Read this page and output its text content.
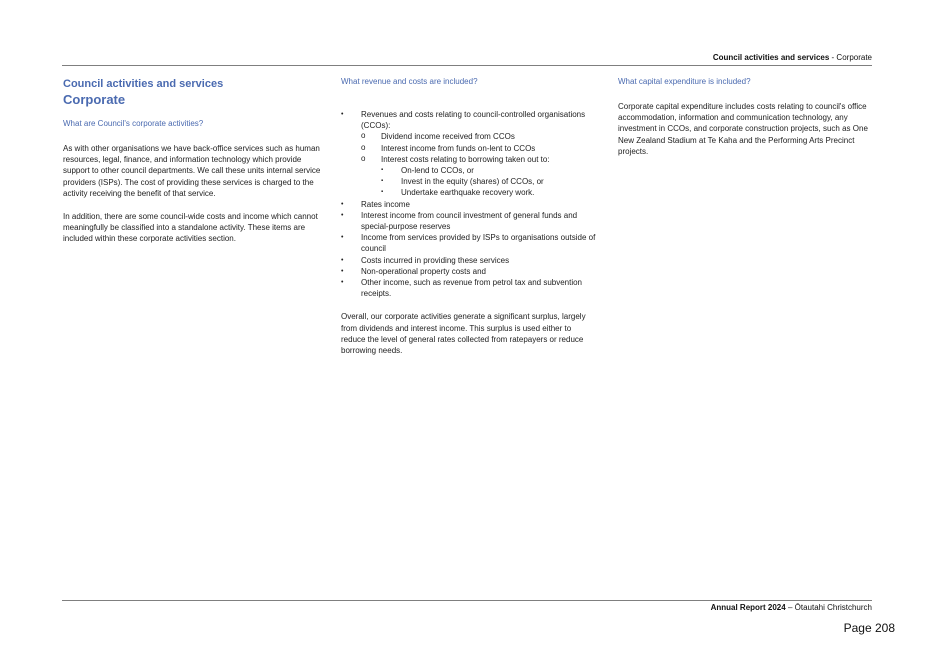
Council activities and services - Corporate
Council activities and services
Corporate
What are Council's corporate activities?

As with other organisations we have back-office services such as human resources, legal, finance, and information technology which provide support to other council departments. We call these units internal service providers (ISPs). The cost of providing these services is charged to the activity receiving the benefit of that service.

In addition, there are some council-wide costs and income which cannot meaningfully be classified into a standalone activity. These items are included within these corporate activities section.

What revenue and costs are included?
• Revenues and costs relating to council-controlled organisations (CCOs):
o Dividend income received from CCOs
o Interest income from funds on-lent to CCOs
o Interest costs relating to borrowing taken out to:
▪ On-lend to CCOs, or
▪ Invest in the equity (shares) of CCOs, or
▪ Undertake earthquake recovery work.
• Rates income
• Interest income from council investment of general funds and special-purpose reserves
• Income from services provided by ISPs to organisations outside of council
• Costs incurred in providing these services
• Non-operational property costs and
• Other income, such as revenue from petrol tax and subvention receipts.

Overall, our corporate activities generate a significant surplus, largely from dividends and interest income. This surplus is used either to reduce the level of general rates collected from ratepayers or reduce borrowing needs.

What capital expenditure is included?

Corporate capital expenditure includes costs relating to council's office accommodation, information and communication technology, any investment in CCOs, and corporate construction projects, such as One New Zealand Stadium at Te Kaha and the Performing Arts Precinct projects.

Annual Report 2024 – Ōtautahi Christchurch
Page 208
